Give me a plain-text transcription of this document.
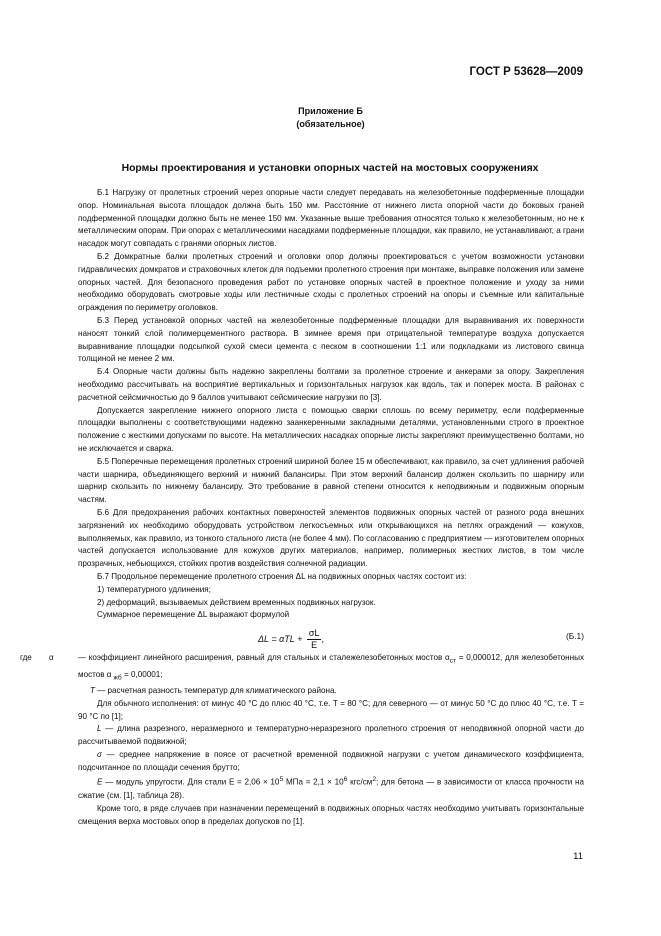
ГОСТ Р 53628—2009
Приложение Б
(обязательное)
Нормы проектирования и установки опорных частей на мостовых сооружениях

Б.1 Нагрузку от пролетных строений через опорные части следует передавать на железобетонные подферменные площадки опор. Номинальная высота площадок должна быть 150 мм. Расстояние от нижнего листа опорной части до боковых граней подферменной площадки должно быть не менее 150 мм. Указанные выше требования относятся только к железобетонным, но не к металлическим опорам. При опорах с металлическими насадками подферменные площадки, как правило, не устанавливают, а грани насадок могут совпадать с гранями опорных листов.

Б.2 Домкратные балки пролетных строений и оголовки опор должны проектироваться с учетом возможности установки гидравлических домкратов и страховочных клеток для подъемки пролетного строения при монтаже, выправке положения или замене опорных частей. Для безопасного проведения работ по установке опорных частей в проектное положение и уходу за ними необходимо оборудовать смотровые ходы или лестничные сходы с пролетных строений на опоры и съемные или капитальные ограждения по периметру оголовков.

Б.3 Перед установкой опорных частей на железобетонные подферменные площадки для выравнивания их поверхности наносят тонкий слой полимерцементного раствора. В зимнее время при отрицательной температуре воздуха допускается выравнивание площадки подсыпкой сухой смеси цемента с песком в соотношении 1:1 или подкладками из листового свинца толщиной не менее 2 мм.

Б.4 Опорные части должны быть надежно закреплены болтами за пролетное строение и анкерами за опору. Закрепления необходимо рассчитывать на восприятие вертикальных и горизонтальных нагрузок как вдоль, так и поперек моста. В районах с расчетной сейсмичностью до 9 баллов учитывают сейсмические нагрузки по [3].

Допускается закрепление нижнего опорного листа с помощью сварки сплошь по всему периметру, если подферменные площадки выполнены с соответствующими надежно заанкеренными закладными деталями, установленными строго в проектное положение с жесткими допусками по высоте. На металлических насадках опорные листы закрепляют преимущественно болтами, но не исключается и сварка.

Б.5 Поперечные перемещения пролетных строений шириной более 15 м обеспечивают, как правило, за счет удлинения рабочей части шарнира, объединяющего верхний и нижний балансиры. При этом верхний балансир должен скользить по шарниру или шарнир скользить по нижнему балансиру. Это требование в равной степени относится к неподвижным и подвижным опорным частям.

Б.6 Для предохранения рабочих контактных поверхностей элементов подвижных опорных частей от разного рода внешних загрязнений их необходимо оборудовать устройством легкосъемных или открывающихся на петлях ограждений — кожухов, выполняемых, как правило, из тонкого стального листа (не более 4 мм). По согласованию с предприятием — изготовителем опорных частей допускается использование для кожухов других материалов, например, полимерных жестких листов, в том числе прозрачных, небьющихся, стойких против воздействия солнечной радиации.

Б.7 Продольное перемещение пролетного строения ΔL на подвижных опорных частях состоит из:

1) температурного удлинения;

2) деформаций, вызываемых действием временных подвижных нагрузок.

Суммарное перемещение ΔL выражают формулой

$\Delta L = \alpha TL + \frac{\sigma L}{E}$ ,	(Б.1)
где α	— коэффициент линейного расширения, равный для стальных и сталежелезобетонных мостов $\alpha_{ст} = 0,000012$, для железобетонных мостов α $_{жб}$ = 0,00001;

T — расчетная разность температур для климатического района.

Для обычного исполнения: от минус 40 °С до плюс 40 °С, т.е. T = 80 °С; для северного — от минус 50 °С до плюс 40 °С, т.е. T = 90 °С по [1];

L — длина разрезного, неразмерного и температурно-неразрезного пролетного строения от неподвижной опорной части до рассчитываемой подвижной;

σ — среднее напряжение в поясе от расчетной временной подвижной нагрузки с учетом динамического коэффициента, подсчитанное по площади сечения брутто;

E — модуль упругости. Для стали $E = 2,06 \times 10^5$ МПа = $2,1 \times 10^6$ кгс/$см^2$; для бетона — в зависимости от класса прочности на сжатие (см. [1], таблица 28).

Кроме того, в ряде случаев при назначении перемещений в подвижных опорных частях необходимо учитывать горизонтальные смещения верха мостовых опор в пределах допусков по [1].

11
